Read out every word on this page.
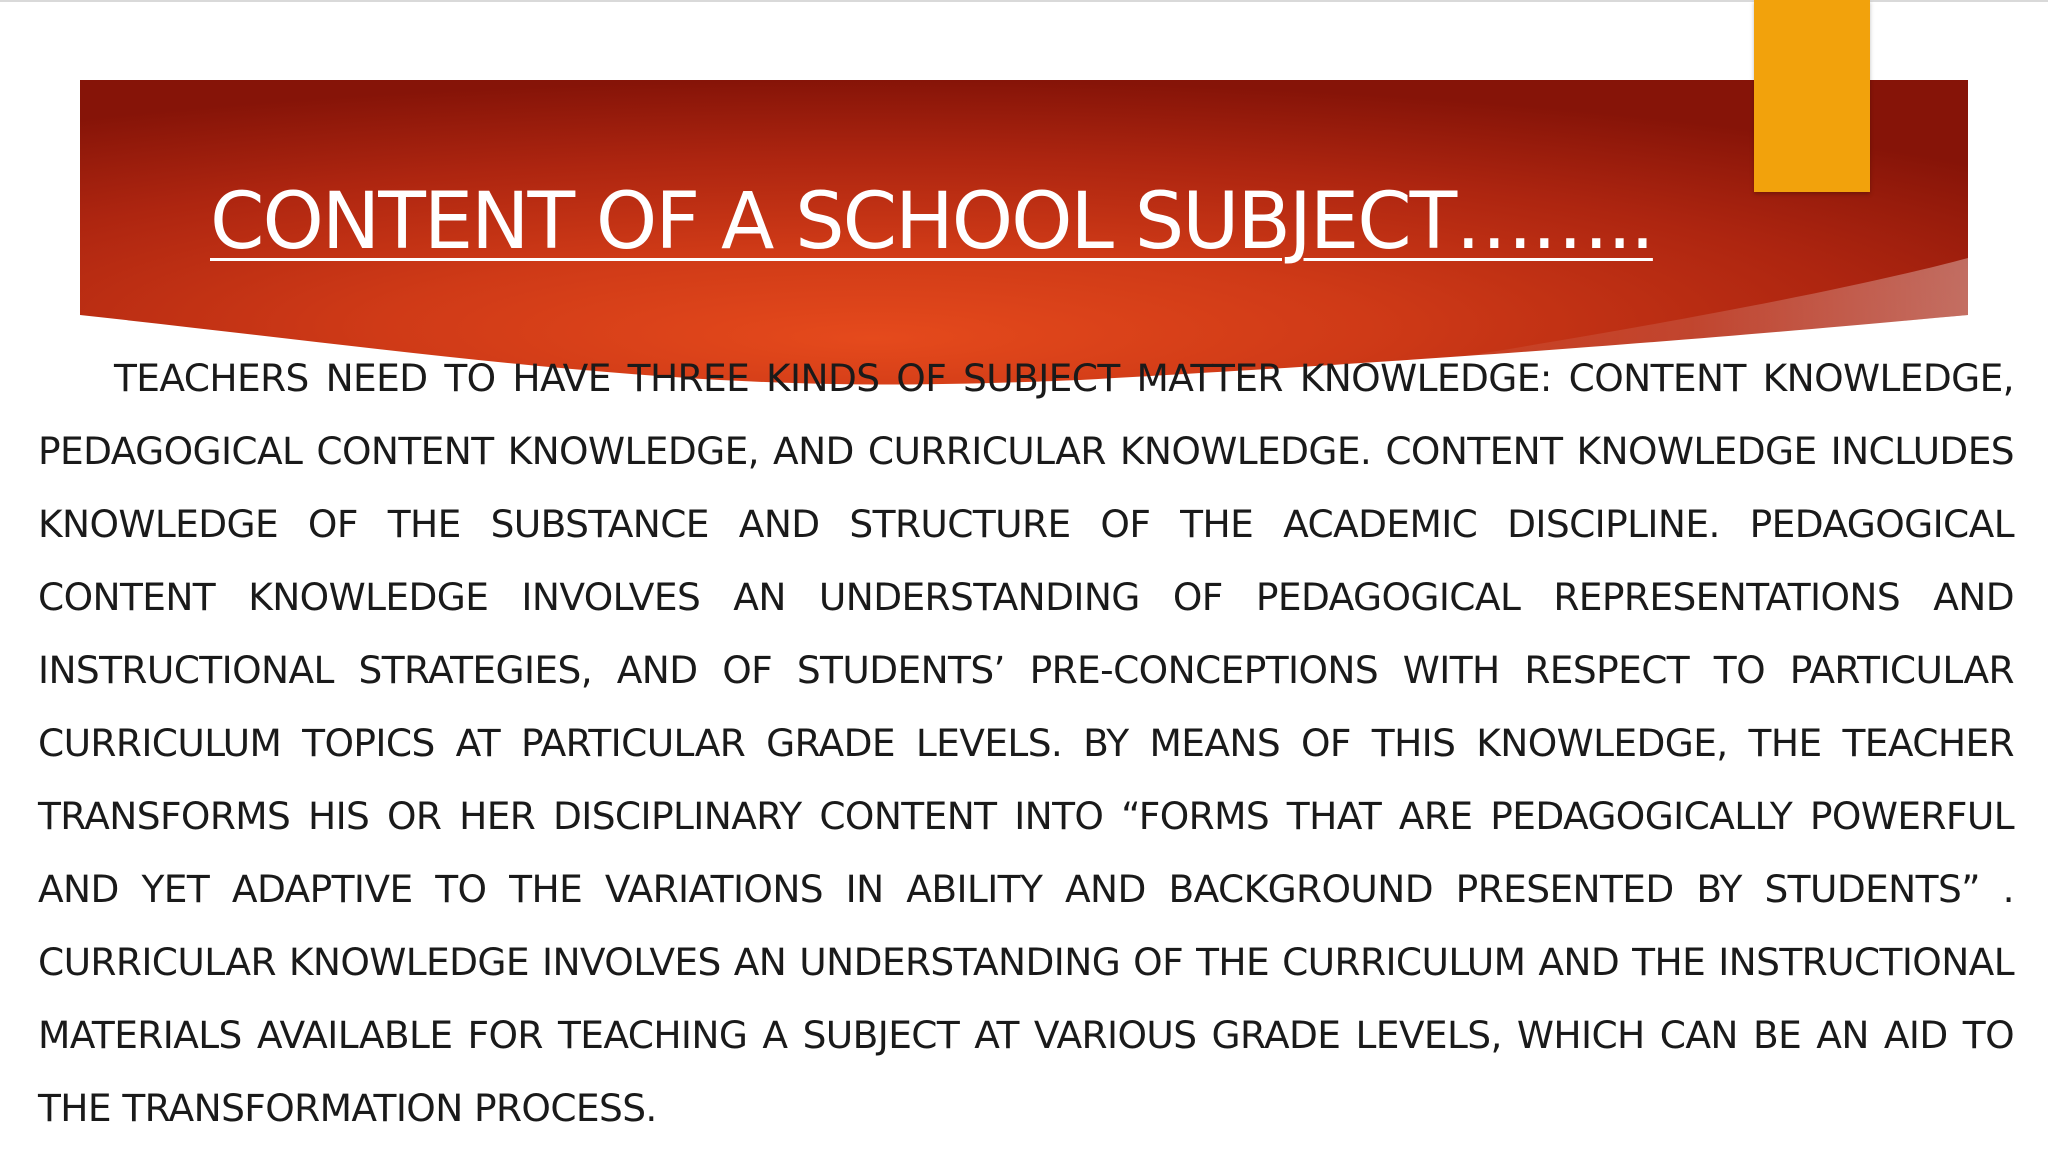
CONTENT OF A SCHOOL SUBJECT……..

TEACHERS NEED TO HAVE THREE KINDS OF SUBJECT MATTER KNOWLEDGE: CONTENT KNOWLEDGE, PEDAGOGICAL CONTENT KNOWLEDGE, AND CURRICULAR KNOWLEDGE. CONTENT KNOWLEDGE INCLUDES KNOWLEDGE OF THE SUBSTANCE AND STRUCTURE OF THE ACADEMIC DISCIPLINE. PEDAGOGICAL CONTENT KNOWLEDGE INVOLVES AN UNDERSTANDING OF PEDAGOGICAL REPRESENTATIONS AND INSTRUCTIONAL STRATEGIES, AND OF STUDENTS’ PRE-CONCEPTIONS WITH RESPECT TO PARTICULAR CURRICULUM TOPICS AT PARTICULAR GRADE LEVELS. BY MEANS OF THIS KNOWLEDGE, THE TEACHER TRANSFORMS HIS OR HER DISCIPLINARY CONTENT INTO “FORMS THAT ARE PEDAGOGICALLY POWERFUL AND YET ADAPTIVE TO THE VARIATIONS IN ABILITY AND BACKGROUND PRESENTED BY STUDENTS” . CURRICULAR KNOWLEDGE INVOLVES AN UNDERSTANDING OF THE CURRICULUM AND THE INSTRUCTIONAL MATERIALS AVAILABLE FOR TEACHING A SUBJECT AT VARIOUS GRADE LEVELS, WHICH CAN BE AN AID TO THE TRANSFORMATION PROCESS.
